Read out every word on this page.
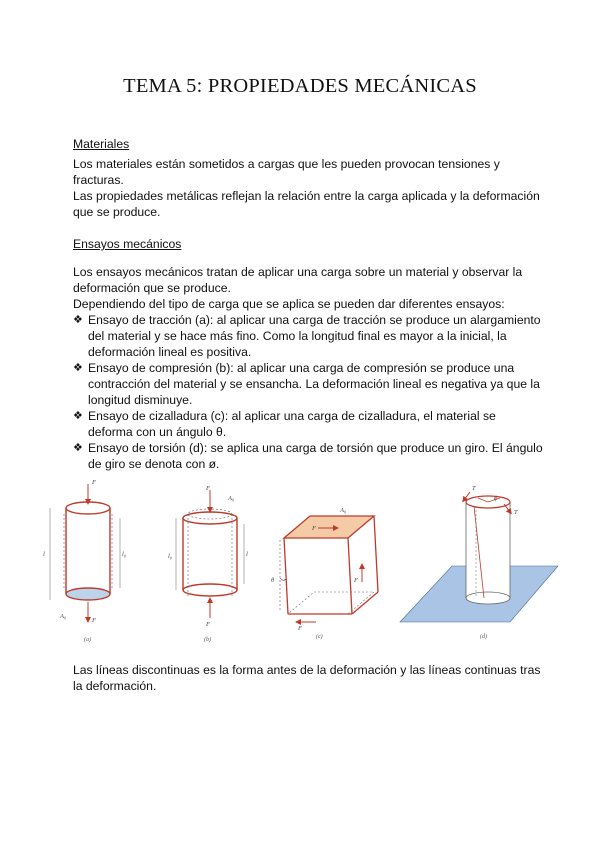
TEMA 5: PROPIEDADES MECÁNICAS
Materiales

Los materiales están sometidos a cargas que les pueden provocan tensiones y fracturas.

Las propiedades metálicas reflejan la relación entre la carga aplicada y la deformación que se produce.

Ensayos mecánicos

Los ensayos mecánicos tratan de aplicar una carga sobre un material y observar la deformación que se produce.

Dependiendo del tipo de carga que se aplica se pueden dar diferentes ensayos:

❖ Ensayo de tracción (a): al aplicar una carga de tracción se produce un alargamiento del material y se hace más fino. Como la longitud final es mayor a la inicial, la deformación lineal es positiva.
❖ Ensayo de compresión (b): al aplicar una carga de compresión se produce una contracción del material y se ensancha. La deformación lineal es negativa ya que la longitud disminuye.
❖ Ensayo de cizalladura (c): al aplicar una carga de cizalladura, el material se deforma con un ángulo θ.
❖ Ensayo de torsión (d): se aplica una carga de torsión que produce un giro. El ángulo de giro se denota con ø.
F
l	l₀
F
A₀
(a)
F
A₀
l₀	l
F
(b)
F
A₀
F
F
θ
(c)
T
T
ϕ
(d)

Las líneas discontinuas es la forma antes de la deformación y las líneas continuas tras la deformación.
